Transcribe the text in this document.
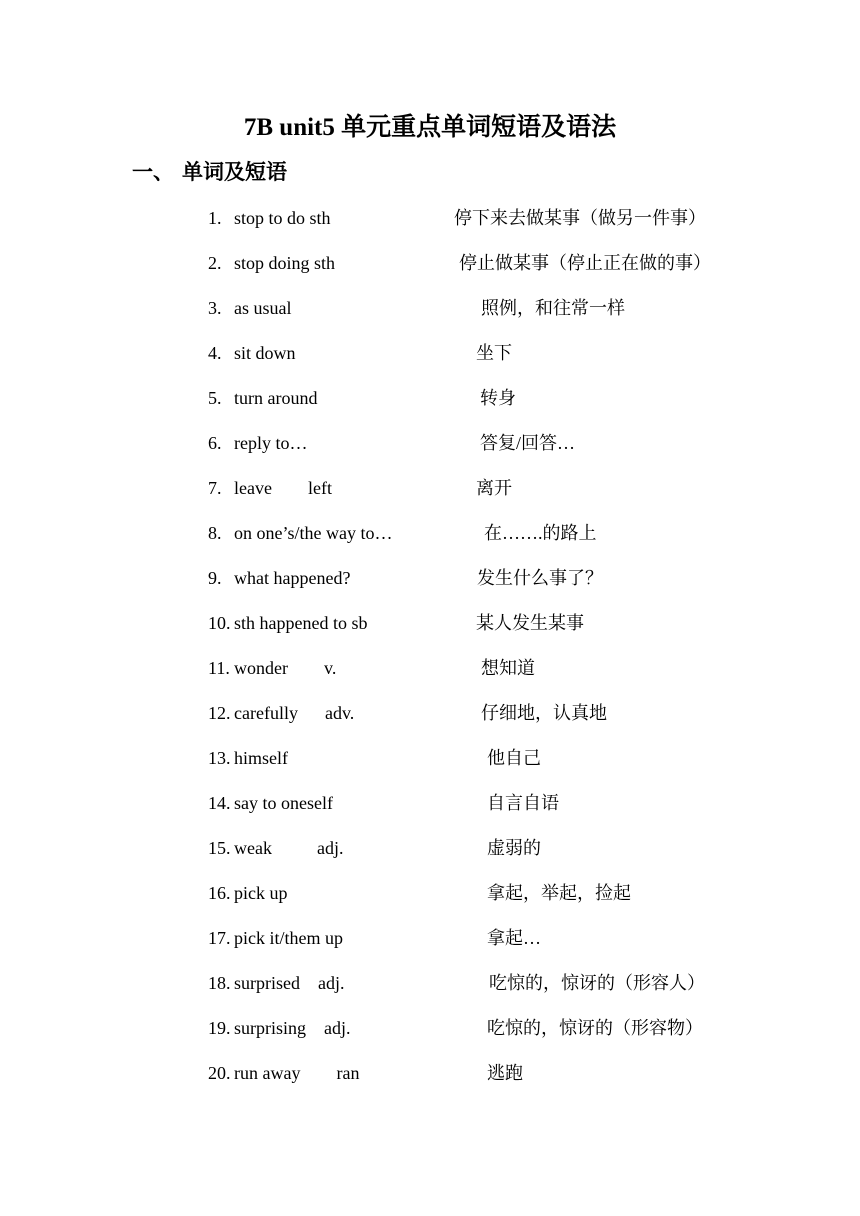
7B unit5 单元重点单词短语及语法
一、 单词及短语
1. stop to do sth	停下来去做某事（做另一件事）
2. stop doing sth	停止做某事（停止正在做的事）
3. as usual	照例，和往常一样
4. sit down	坐下
5. turn around	转身
6. reply to…	答复/回答…
7. leave        left	离开
8. on one’s/the way to…	在…….的路上
9. what happened?	发生什么事了？
10. sth happened to sb	某人发生某事
11. wonder        v.	想知道
12. carefully      adv.	仔细地，认真地
13. himself	他自己
14. say to oneself	自言自语
15. weak          adj.	虚弱的
16. pick up	拿起，举起，捡起
17. pick it/them up	拿起…
18. surprised    adj.	吃惊的，惊讶的（形容人）
19. surprising    adj.	吃惊的，惊讶的（形容物）
20. run away        ran	逃跑
